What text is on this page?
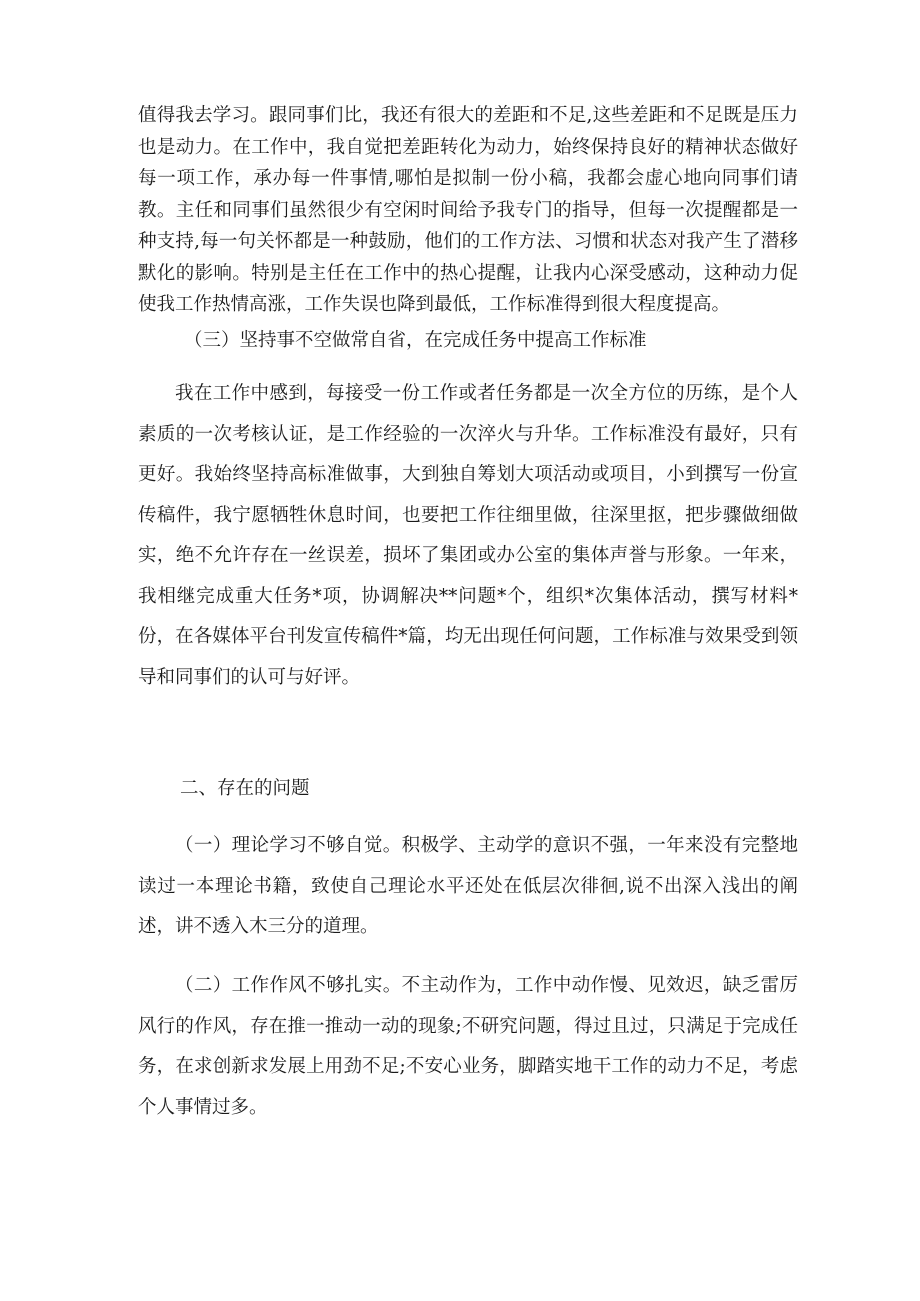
值得我去学习。跟同事们比，我还有很大的差距和不足,这些差距和不足既是压力也是动力。在工作中，我自觉把差距转化为动力，始终保持良好的精神状态做好每一项工作，承办每一件事情,哪怕是拟制一份小稿，我都会虚心地向同事们请教。主任和同事们虽然很少有空闲时间给予我专门的指导，但每一次提醒都是一种支持,每一句关怀都是一种鼓励，他们的工作方法、习惯和状态对我产生了潜移默化的影响。特别是主任在工作中的热心提醒，让我内心深受感动，这种动力促使我工作热情高涨，工作失误也降到最低，工作标准得到很大程度提高。

（三）坚持事不空做常自省，在完成任务中提高工作标准

我在工作中感到，每接受一份工作或者任务都是一次全方位的历练，是个人素质的一次考核认证，是工作经验的一次淬火与升华。工作标准没有最好，只有更好。我始终坚持高标准做事，大到独自筹划大项活动或项目，小到撰写一份宣传稿件，我宁愿牺牲休息时间，也要把工作往细里做，往深里抠，把步骤做细做实，绝不允许存在一丝误差，损坏了集团或办公室的集体声誉与形象。一年来，我相继完成重大任务*项，协调解决**问题*个，组织*次集体活动，撰写材料*份，在各媒体平台刊发宣传稿件*篇，均无出现任何问题，工作标准与效果受到领导和同事们的认可与好评。

二、存在的问题

（一）理论学习不够自觉。积极学、主动学的意识不强，一年来没有完整地读过一本理论书籍，致使自己理论水平还处在低层次徘徊,说不出深入浅出的阐述，讲不透入木三分的道理。

（二）工作作风不够扎实。不主动作为，工作中动作慢、见效迟，缺乏雷厉风行的作风，存在推一推动一动的现象;不研究问题，得过且过，只满足于完成任务，在求创新求发展上用劲不足;不安心业务，脚踏实地干工作的动力不足，考虑个人事情过多。
